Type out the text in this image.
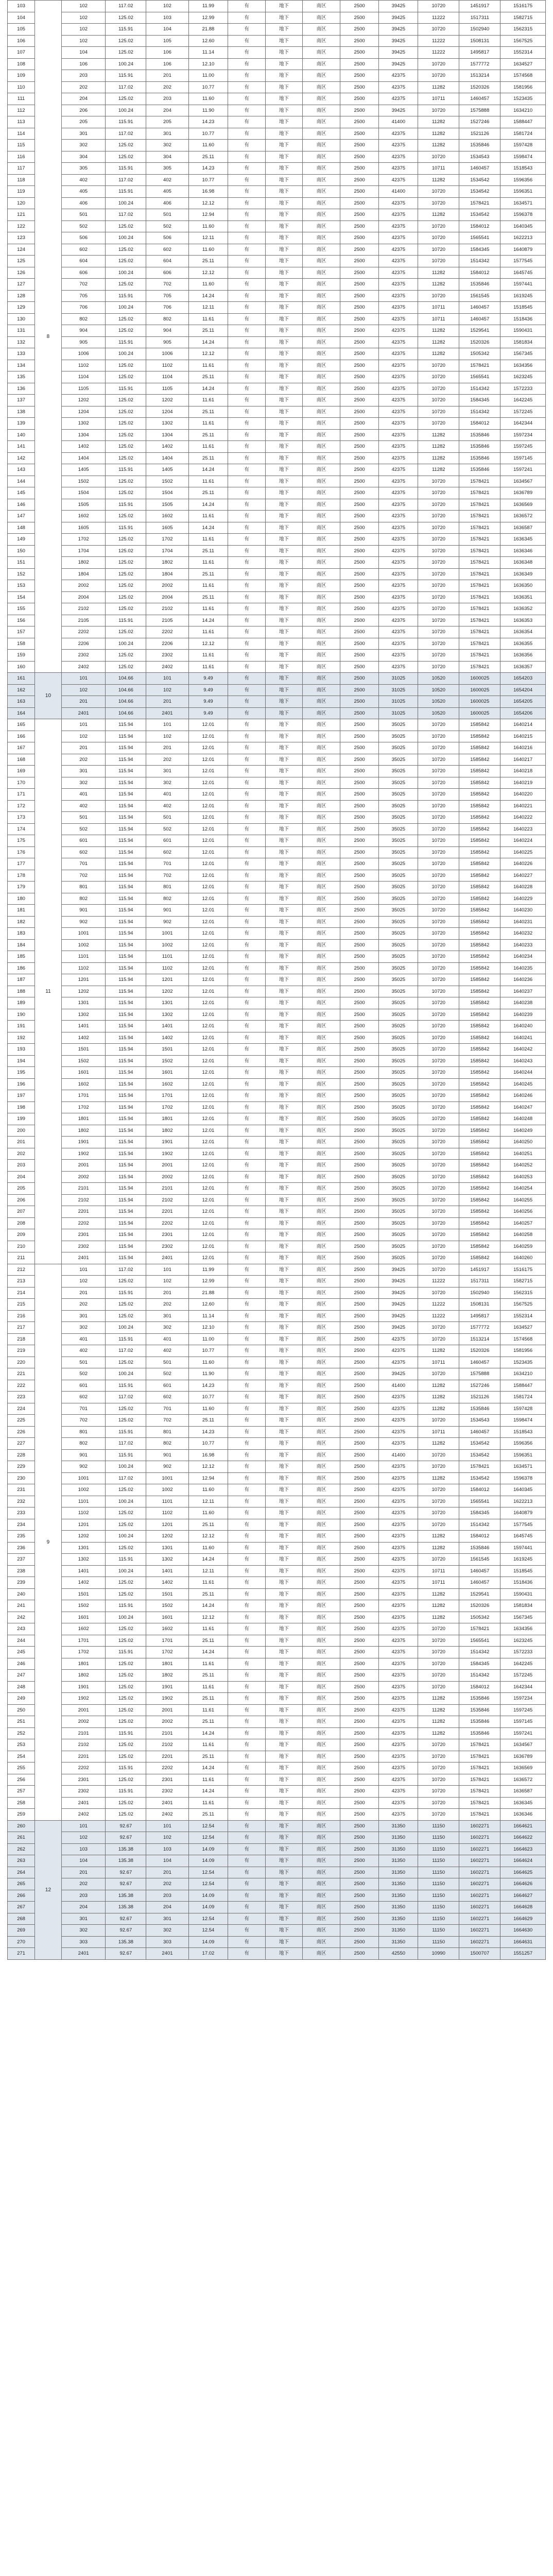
103	8	102	117.02	102	11.99	有	地下	南区	2500	39425	10720	1451917	1516175
104		102	125.02	103	12.99	有	地下	南区	2500	39425	11222	1517311	1582715
105		102	115.91	104	21.88	有	地下	南区	2500	39425	10720	1502940	1562315
106		102	125.02	105	12.60	有	地下	南区	2500	39425	11222	1508131	1567525
107		104	125.02	106	11.14	有	地下	南区	2500	39425	11222	1495817	1552314
108		106	100.24	106	12.10	有	地下	南区	2500	39425	10720	1577772	1634527
109		203	115.91	201	11.00	有	地下	南区	2500	42375	10720	1513214	1574568
110		202	117.02	202	10.77	有	地下	南区	2500	42375	11282	1520326	1581956
111		204	125.02	203	11.60	有	地下	南区	2500	42375	10711	1460457	1523435
112		206	100.24	204	11.90	有	地下	南区	2500	39425	10720	1575888	1634210
113		205	115.91	205	14.23	有	地下	南区	2500	41400	11282	1527246	1588447
114		301	117.02	301	10.77	有	地下	南区	2500	42375	11282	1521126	1581724
115		302	125.02	302	11.60	有	地下	南区	2500	42375	11282	1535846	1597428
116		304	125.02	304	25.11	有	地下	南区	2500	42375	10720	1534543	1598474
117		305	115.91	305	14.23	有	地下	南区	2500	42375	10711	1460457	1518543
118		402	117.02	402	10.77	有	地下	南区	2500	42375	11282	1534542	1596356
119		405	115.91	405	16.98	有	地下	南区	2500	41400	10720	1534542	1596351
120		406	100.24	406	12.12	有	地下	南区	2500	42375	10720	1578421	1634571
121		501	117.02	501	12.94	有	地下	南区	2500	42375	11282	1534542	1596378
122		502	125.02	502	11.60	有	地下	南区	2500	42375	10720	1584012	1640345
123		506	100.24	506	12.11	有	地下	南区	2500	42375	10720	1565541	1622213
124		602	125.02	602	11.60	有	地下	南区	2500	42375	10720	1584345	1640879
125		604	125.02	604	25.11	有	地下	南区	2500	42375	10720	1514342	1577545
126		606	100.24	606	12.12	有	地下	南区	2500	42375	11282	1584012	1645745
127		702	125.02	702	11.60	有	地下	南区	2500	42375	11282	1535846	1597441
128		705	115.91	705	14.24	有	地下	南区	2500	42375	10720	1561545	1619245
129		706	100.24	706	12.11	有	地下	南区	2500	42375	10711	1460457	1518545
130		802	125.02	802	11.61	有	地下	南区	2500	42375	10711	1460457	1518436
131		904	125.02	904	25.11	有	地下	南区	2500	42375	11282	1529541	1590431
132		905	115.91	905	14.24	有	地下	南区	2500	42375	11282	1520326	1581834
133		1006	100.24	1006	12.12	有	地下	南区	2500	42375	11282	1505342	1567345
134		1102	125.02	1102	11.61	有	地下	南区	2500	42375	10720	1578421	1634356
135		1104	125.02	1104	25.11	有	地下	南区	2500	42375	10720	1565541	1623245
136		1105	115.91	1105	14.24	有	地下	南区	2500	42375	10720	1514342	1572233
137		1202	125.02	1202	11.61	有	地下	南区	2500	42375	10720	1584345	1642245
138		1204	125.02	1204	25.11	有	地下	南区	2500	42375	10720	1514342	1572245
139		1302	125.02	1302	11.61	有	地下	南区	2500	42375	10720	1584012	1642344
140		1304	125.02	1304	25.11	有	地下	南区	2500	42375	11282	1535846	1597234
141		1402	125.02	1402	11.61	有	地下	南区	2500	42375	11282	1535846	1597245
142		1404	125.02	1404	25.11	有	地下	南区	2500	42375	11282	1535846	1597145
143		1405	115.91	1405	14.24	有	地下	南区	2500	42375	11282	1535846	1597241
144		1502	125.02	1502	11.61	有	地下	南区	2500	42375	10720	1578421	1634567
145		1504	125.02	1504	25.11	有	地下	南区	2500	42375	10720	1578421	1636789
146		1505	115.91	1505	14.24	有	地下	南区	2500	42375	10720	1578421	1636569
147		1602	125.02	1602	11.61	有	地下	南区	2500	42375	10720	1578421	1636572
148		1605	115.91	1605	14.24	有	地下	南区	2500	42375	10720	1578421	1636587
149		1702	125.02	1702	11.61	有	地下	南区	2500	42375	10720	1578421	1636345
150		1704	125.02	1704	25.11	有	地下	南区	2500	42375	10720	1578421	1636346
151		1802	125.02	1802	11.61	有	地下	南区	2500	42375	10720	1578421	1636348
152		1804	125.02	1804	25.11	有	地下	南区	2500	42375	10720	1578421	1636349
153		2002	125.02	2002	11.61	有	地下	南区	2500	42375	10720	1578421	1636350
154		2004	125.02	2004	25.11	有	地下	南区	2500	42375	10720	1578421	1636351
155		2102	125.02	2102	11.61	有	地下	南区	2500	42375	10720	1578421	1636352
156		2105	115.91	2105	14.24	有	地下	南区	2500	42375	10720	1578421	1636353
157		2202	125.02	2202	11.61	有	地下	南区	2500	42375	10720	1578421	1636354
158		2206	100.24	2206	12.12	有	地下	南区	2500	42375	10720	1578421	1636355
159		2302	125.02	2302	11.61	有	地下	南区	2500	42375	10720	1578421	1636356
160		2402	125.02	2402	11.61	有	地下	南区	2500	42375	10720	1578421	1636357
161	10	101	104.66	101	9.49	有	地下	南区	2500	31025	10520	1600025	1654203
162		102	104.66	102	9.49	有	地下	南区	2500	31025	10520	1600025	1654204
163		201	104.66	201	9.49	有	地下	南区	2500	31025	10520	1600025	1654205
164		2401	104.66	2401	9.49	有	地下	南区	2500	31025	10520	1600025	1654206
165	11	101	115.94	101	12.01	有	地下	南区	2500	35025	10720	1585842	1640214
166		102	115.94	102	12.01	有	地下	南区	2500	35025	10720	1585842	1640215
167		201	115.94	201	12.01	有	地下	南区	2500	35025	10720	1585842	1640216
168		202	115.94	202	12.01	有	地下	南区	2500	35025	10720	1585842	1640217
169		301	115.94	301	12.01	有	地下	南区	2500	35025	10720	1585842	1640218
170		302	115.94	302	12.01	有	地下	南区	2500	35025	10720	1585842	1640219
171		401	115.94	401	12.01	有	地下	南区	2500	35025	10720	1585842	1640220
172		402	115.94	402	12.01	有	地下	南区	2500	35025	10720	1585842	1640221
173		501	115.94	501	12.01	有	地下	南区	2500	35025	10720	1585842	1640222
174		502	115.94	502	12.01	有	地下	南区	2500	35025	10720	1585842	1640223
175		601	115.94	601	12.01	有	地下	南区	2500	35025	10720	1585842	1640224
176		602	115.94	602	12.01	有	地下	南区	2500	35025	10720	1585842	1640225
177		701	115.94	701	12.01	有	地下	南区	2500	35025	10720	1585842	1640226
178		702	115.94	702	12.01	有	地下	南区	2500	35025	10720	1585842	1640227
179		801	115.94	801	12.01	有	地下	南区	2500	35025	10720	1585842	1640228
180		802	115.94	802	12.01	有	地下	南区	2500	35025	10720	1585842	1640229
181		901	115.94	901	12.01	有	地下	南区	2500	35025	10720	1585842	1640230
182		902	115.94	902	12.01	有	地下	南区	2500	35025	10720	1585842	1640231
183		1001	115.94	1001	12.01	有	地下	南区	2500	35025	10720	1585842	1640232
184		1002	115.94	1002	12.01	有	地下	南区	2500	35025	10720	1585842	1640233
185		1101	115.94	1101	12.01	有	地下	南区	2500	35025	10720	1585842	1640234
186		1102	115.94	1102	12.01	有	地下	南区	2500	35025	10720	1585842	1640235
187		1201	115.94	1201	12.01	有	地下	南区	2500	35025	10720	1585842	1640236
188		1202	115.94	1202	12.01	有	地下	南区	2500	35025	10720	1585842	1640237
189		1301	115.94	1301	12.01	有	地下	南区	2500	35025	10720	1585842	1640238
190		1302	115.94	1302	12.01	有	地下	南区	2500	35025	10720	1585842	1640239
191		1401	115.94	1401	12.01	有	地下	南区	2500	35025	10720	1585842	1640240
192		1402	115.94	1402	12.01	有	地下	南区	2500	35025	10720	1585842	1640241
193		1501	115.94	1501	12.01	有	地下	南区	2500	35025	10720	1585842	1640242
194		1502	115.94	1502	12.01	有	地下	南区	2500	35025	10720	1585842	1640243
195		1601	115.94	1601	12.01	有	地下	南区	2500	35025	10720	1585842	1640244
196		1602	115.94	1602	12.01	有	地下	南区	2500	35025	10720	1585842	1640245
197		1701	115.94	1701	12.01	有	地下	南区	2500	35025	10720	1585842	1640246
198		1702	115.94	1702	12.01	有	地下	南区	2500	35025	10720	1585842	1640247
199		1801	115.94	1801	12.01	有	地下	南区	2500	35025	10720	1585842	1640248
200		1802	115.94	1802	12.01	有	地下	南区	2500	35025	10720	1585842	1640249
201		1901	115.94	1901	12.01	有	地下	南区	2500	35025	10720	1585842	1640250
202		1902	115.94	1902	12.01	有	地下	南区	2500	35025	10720	1585842	1640251
203		2001	115.94	2001	12.01	有	地下	南区	2500	35025	10720	1585842	1640252
204		2002	115.94	2002	12.01	有	地下	南区	2500	35025	10720	1585842	1640253
205		2101	115.94	2101	12.01	有	地下	南区	2500	35025	10720	1585842	1640254
206		2102	115.94	2102	12.01	有	地下	南区	2500	35025	10720	1585842	1640255
207		2201	115.94	2201	12.01	有	地下	南区	2500	35025	10720	1585842	1640256
208		2202	115.94	2202	12.01	有	地下	南区	2500	35025	10720	1585842	1640257
209		2301	115.94	2301	12.01	有	地下	南区	2500	35025	10720	1585842	1640258
210		2302	115.94	2302	12.01	有	地下	南区	2500	35025	10720	1585842	1640259
211		2401	115.94	2401	12.01	有	地下	南区	2500	35025	10720	1585842	1640260
212	9	101	117.02	101	11.99	有	地下	南区	2500	39425	10720	1451917	1516175
213		102	125.02	102	12.99	有	地下	南区	2500	39425	11222	1517311	1582715
214		201	115.91	201	21.88	有	地下	南区	2500	39425	10720	1502940	1562315
215		202	125.02	202	12.60	有	地下	南区	2500	39425	11222	1508131	1567525
216		301	125.02	301	11.14	有	地下	南区	2500	39425	11222	1495817	1552314
217		302	100.24	302	12.10	有	地下	南区	2500	39425	10720	1577772	1634527
218		401	115.91	401	11.00	有	地下	南区	2500	42375	10720	1513214	1574568
219		402	117.02	402	10.77	有	地下	南区	2500	42375	11282	1520326	1581956
220		501	125.02	501	11.60	有	地下	南区	2500	42375	10711	1460457	1523435
221		502	100.24	502	11.90	有	地下	南区	2500	39425	10720	1575888	1634210
222		601	115.91	601	14.23	有	地下	南区	2500	41400	11282	1527246	1588447
223		602	117.02	602	10.77	有	地下	南区	2500	42375	11282	1521126	1581724
224		701	125.02	701	11.60	有	地下	南区	2500	42375	11282	1535846	1597428
225		702	125.02	702	25.11	有	地下	南区	2500	42375	10720	1534543	1598474
226		801	115.91	801	14.23	有	地下	南区	2500	42375	10711	1460457	1518543
227		802	117.02	802	10.77	有	地下	南区	2500	42375	11282	1534542	1596356
228		901	115.91	901	16.98	有	地下	南区	2500	41400	10720	1534542	1596351
229		902	100.24	902	12.12	有	地下	南区	2500	42375	10720	1578421	1634571
230		1001	117.02	1001	12.94	有	地下	南区	2500	42375	11282	1534542	1596378
231		1002	125.02	1002	11.60	有	地下	南区	2500	42375	10720	1584012	1640345
232		1101	100.24	1101	12.11	有	地下	南区	2500	42375	10720	1565541	1622213
233		1102	125.02	1102	11.60	有	地下	南区	2500	42375	10720	1584345	1640879
234		1201	125.02	1201	25.11	有	地下	南区	2500	42375	10720	1514342	1577545
235		1202	100.24	1202	12.12	有	地下	南区	2500	42375	11282	1584012	1645745
236		1301	125.02	1301	11.60	有	地下	南区	2500	42375	11282	1535846	1597441
237		1302	115.91	1302	14.24	有	地下	南区	2500	42375	10720	1561545	1619245
238		1401	100.24	1401	12.11	有	地下	南区	2500	42375	10711	1460457	1518545
239		1402	125.02	1402	11.61	有	地下	南区	2500	42375	10711	1460457	1518436
240		1501	125.02	1501	25.11	有	地下	南区	2500	42375	11282	1529541	1590431
241		1502	115.91	1502	14.24	有	地下	南区	2500	42375	11282	1520326	1581834
242		1601	100.24	1601	12.12	有	地下	南区	2500	42375	11282	1505342	1567345
243		1602	125.02	1602	11.61	有	地下	南区	2500	42375	10720	1578421	1634356
244		1701	125.02	1701	25.11	有	地下	南区	2500	42375	10720	1565541	1623245
245		1702	115.91	1702	14.24	有	地下	南区	2500	42375	10720	1514342	1572233
246		1801	125.02	1801	11.61	有	地下	南区	2500	42375	10720	1584345	1642245
247		1802	125.02	1802	25.11	有	地下	南区	2500	42375	10720	1514342	1572245
248		1901	125.02	1901	11.61	有	地下	南区	2500	42375	10720	1584012	1642344
249		1902	125.02	1902	25.11	有	地下	南区	2500	42375	11282	1535846	1597234
250		2001	125.02	2001	11.61	有	地下	南区	2500	42375	11282	1535846	1597245
251		2002	125.02	2002	25.11	有	地下	南区	2500	42375	11282	1535846	1597145
252		2101	115.91	2101	14.24	有	地下	南区	2500	42375	11282	1535846	1597241
253		2102	125.02	2102	11.61	有	地下	南区	2500	42375	10720	1578421	1634567
254		2201	125.02	2201	25.11	有	地下	南区	2500	42375	10720	1578421	1636789
255		2202	115.91	2202	14.24	有	地下	南区	2500	42375	10720	1578421	1636569
256		2301	125.02	2301	11.61	有	地下	南区	2500	42375	10720	1578421	1636572
257		2302	115.91	2302	14.24	有	地下	南区	2500	42375	10720	1578421	1636587
258		2401	125.02	2401	11.61	有	地下	南区	2500	42375	10720	1578421	1636345
259		2402	125.02	2402	25.11	有	地下	南区	2500	42375	10720	1578421	1636346
260	12	101	92.67	101	12.54	有	地下	南区	2500	31350	11150	1602271	1664621
261		102	92.67	102	12.54	有	地下	南区	2500	31350	11150	1602271	1664622
262		103	135.38	103	14.09	有	地下	南区	2500	31350	11150	1602271	1664623
263		104	135.38	104	14.09	有	地下	南区	2500	31350	11150	1602271	1664624
264		201	92.67	201	12.54	有	地下	南区	2500	31350	11150	1602271	1664625
265		202	92.67	202	12.54	有	地下	南区	2500	31350	11150	1602271	1664626
266		203	135.38	203	14.09	有	地下	南区	2500	31350	11150	1602271	1664627
267		204	135.38	204	14.09	有	地下	南区	2500	31350	11150	1602271	1664628
268		301	92.67	301	12.54	有	地下	南区	2500	31350	11150	1602271	1664629
269		302	92.67	302	12.54	有	地下	南区	2500	31350	11150	1602271	1664630
270		303	135.38	303	14.09	有	地下	南区	2500	31350	11150	1602271	1664631
271		2401	92.67	2401	17.02	有	地下	南区	2500	42550	10990	1500707	1551257
